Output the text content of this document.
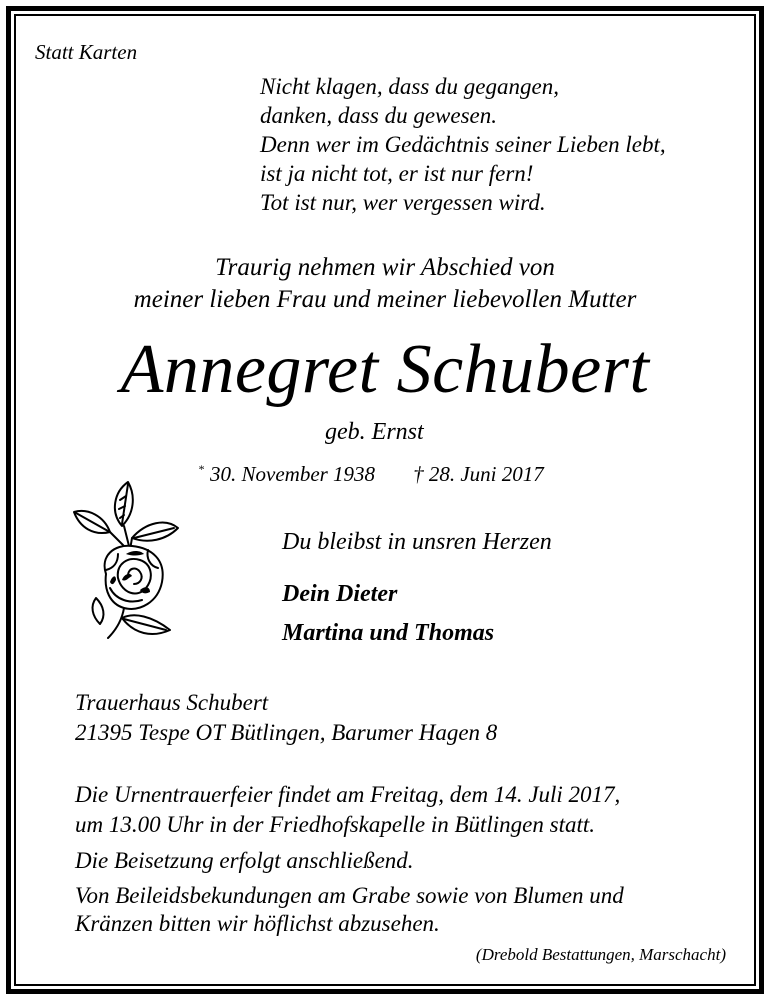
Statt Karten
Nicht klagen, dass du gegangen,
danken, dass du gewesen.
Denn wer im Gedächtnis seiner Lieben lebt,
ist ja nicht tot, er ist nur fern!
Tot ist nur, wer vergessen wird.
Traurig nehmen wir Abschied von
meiner lieben Frau und meiner liebevollen Mutter
Annegret Schubert
geb. Ernst
* 30. November 1938 † 28. Juni 2017
Du bleibst in unsren Herzen
Dein Dieter
Martina und Thomas
Trauerhaus Schubert
21395 Tespe OT Bütlingen, Barumer Hagen 8
Die Urnentrauerfeier findet am Freitag, dem 14. Juli 2017,
um 13.00 Uhr in der Friedhofskapelle in Bütlingen statt.
Die Beisetzung erfolgt anschließend.
Von Beileidsbekundungen am Grabe sowie von Blumen und
Kränzen bitten wir höflichst abzusehen.
(Drebold Bestattungen, Marschacht)
